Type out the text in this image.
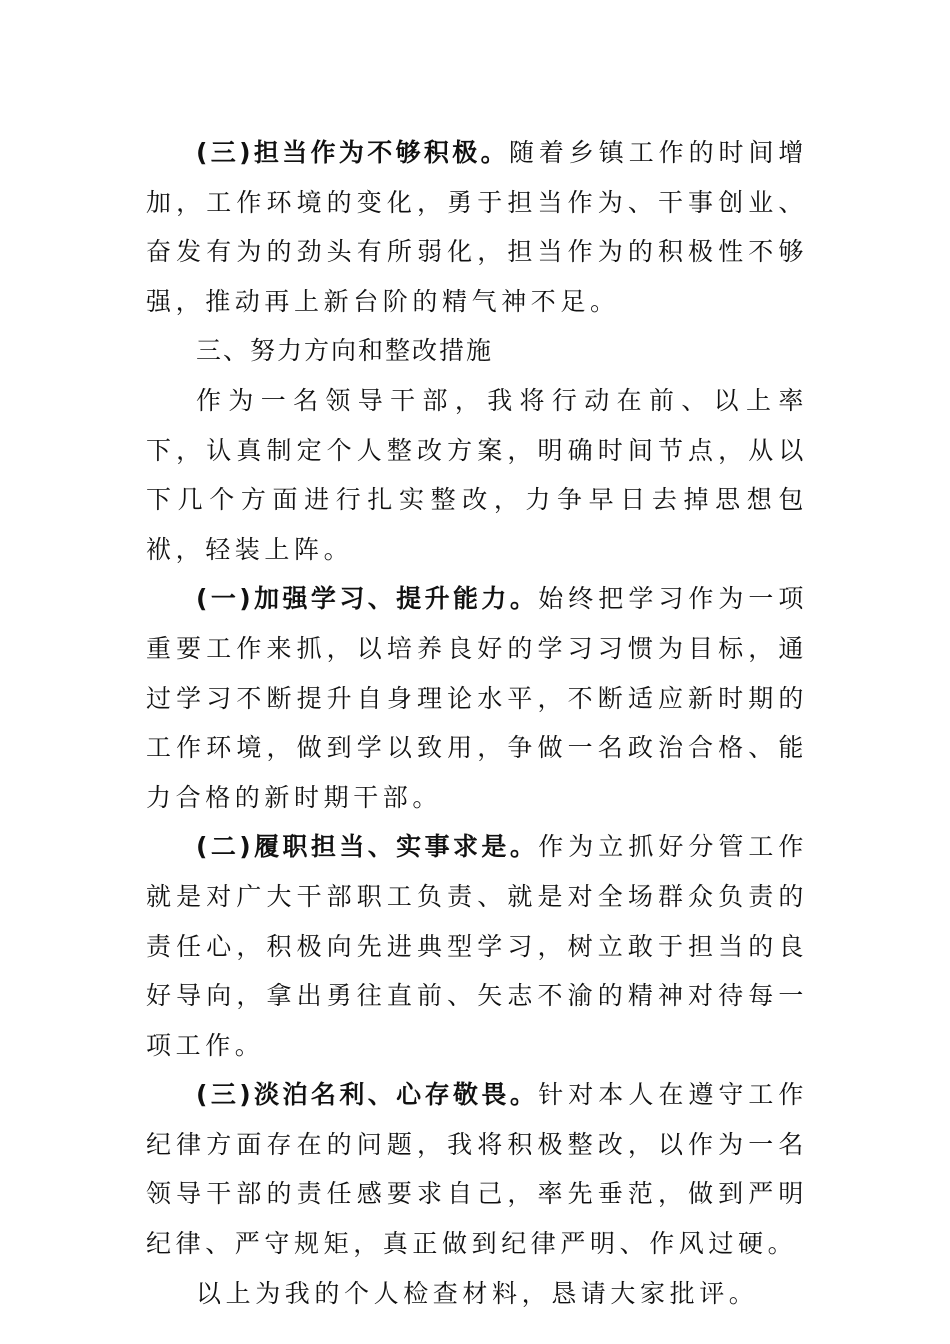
(三)担当作为不够积极。随着乡镇工作的时间增加，工作环境的变化，勇于担当作为、干事创业、奋发有为的劲头有所弱化，担当作为的积极性不够强，推动再上新台阶的精气神不足。

三、努力方向和整改措施

作为一名领导干部，我将行动在前、以上率下，认真制定个人整改方案，明确时间节点，从以下几个方面进行扎实整改，力争早日去掉思想包袱，轻装上阵。

(一)加强学习、提升能力。始终把学习作为一项重要工作来抓，以培养良好的学习习惯为目标，通过学习不断提升自身理论水平，不断适应新时期的工作环境，做到学以致用，争做一名政治合格、能力合格的新时期干部。

(二)履职担当、实事求是。作为立抓好分管工作就是对广大干部职工负责、就是对全场群众负责的责任心，积极向先进典型学习，树立敢于担当的良好导向，拿出勇往直前、矢志不渝的精神对待每一项工作。

(三)淡泊名利、心存敬畏。针对本人在遵守工作纪律方面存在的问题，我将积极整改，以作为一名领导干部的责任感要求自己，率先垂范，做到严明纪律、严守规矩，真正做到纪律严明、作风过硬。

以上为我的个人检查材料，恳请大家批评。
